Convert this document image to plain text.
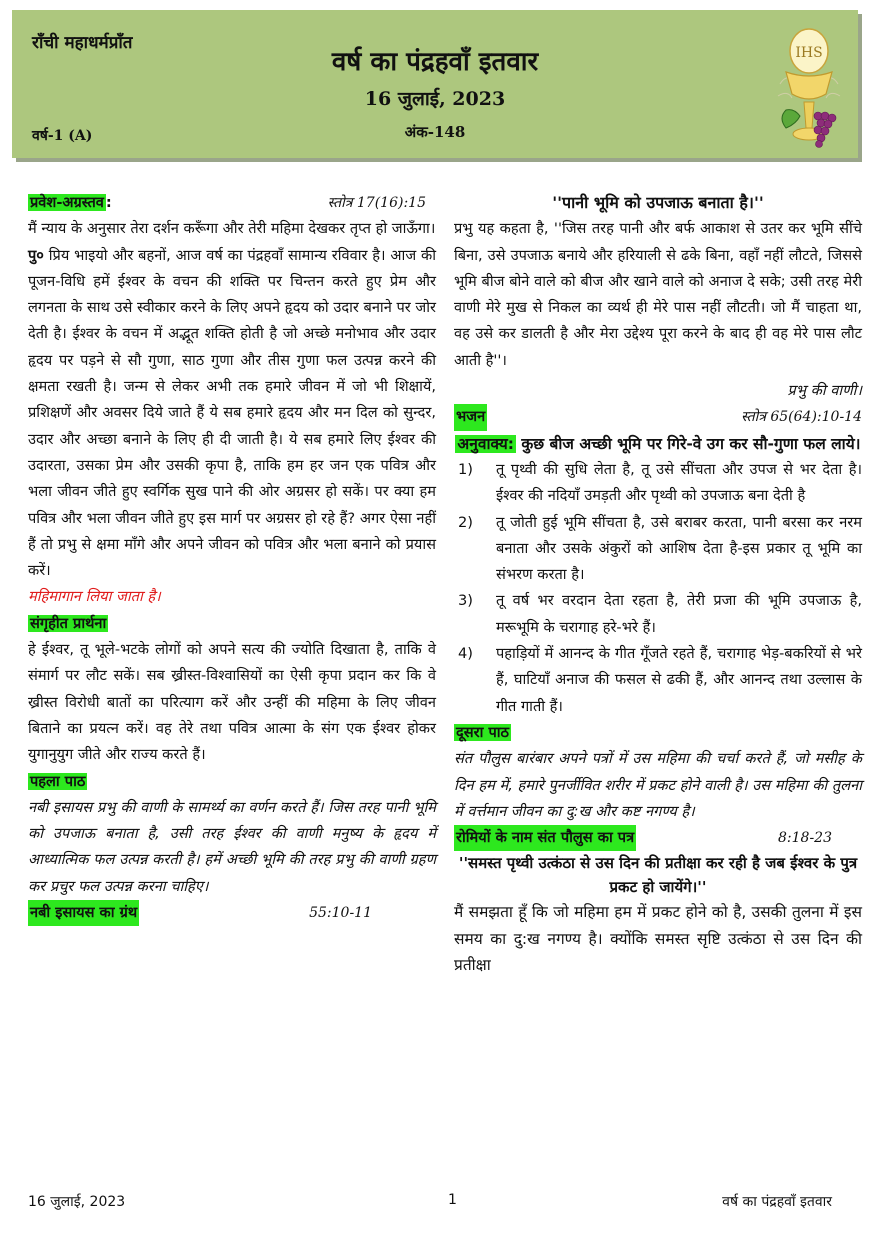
राँची महाधर्मप्राँत
वर्ष का पंद्रहवाँ इतवार
16 जुलाई, 2023
वर्ष-1 (A)	अंक-148
IHS
प्रवेश-अग्रस्तव :	स्तोत्र 17(16):15

मैं न्याय के अनुसार तेरा दर्शन करूँगा और तेरी महिमा देखकर तृप्त हो जाऊँगा।

पु० प्रिय भाइयो और बहनों, आज वर्ष का पंद्रहवाँ सामान्य रविवार है। आज की पूजन-विधि हमें ईश्वर के वचन की शक्ति पर चिन्तन करते हुए प्रेम और लगनता के साथ उसे स्वीकार करने के लिए अपने हृदय को उदार बनाने पर जोर देती है। ईश्वर के वचन में अद्भूत शक्ति होती है जो अच्छे मनोभाव और उदार हृदय पर पड़ने से सौ गुणा, साठ गुणा और तीस गुणा फल उत्पन्न करने की क्षमता रखती है। जन्म से लेकर अभी तक हमारे जीवन में जो भी शिक्षायें, प्रशिक्षणें और अवसर दिये जाते हैं ये सब हमारे हृदय और मन दिल को सुन्दर, उदार और अच्छा बनाने के लिए ही दी जाती है। ये सब हमारे लिए ईश्वर की उदारता, उसका प्रेम और उसकी कृपा है, ताकि हम हर जन एक पवित्र और भला जीवन जीते हुए स्वर्गिक सुख पाने की ओर अग्रसर हो सकें। पर क्या हम पवित्र और भला जीवन जीते हुए इस मार्ग पर अग्रसर हो रहे हैं? अगर ऐसा नहीं हैं तो प्रभु से क्षमा माँगे और अपने जीवन को पवित्र और भला बनाने को प्रयास करें।

महिमागान लिया जाता है।

संगृहीत प्रार्थना

हे ईश्वर, तू भूले-भटके लोगों को अपने सत्य की ज्योति दिखाता है, ताकि वे संमार्ग पर लौट सकें। सब ख्रीस्त-विश्वासियों का ऐसी कृपा प्रदान कर कि वे ख्रीस्त विरोधी बातों का परित्याग करें और उन्हीं की महिमा के लिए जीवन बिताने का प्रयत्न करें। वह तेरे तथा पवित्र आत्मा के संग एक ईश्वर होकर युगानुयुग जीते और राज्य करते हैं।

पहला पाठ

नबी इसायस प्रभु की वाणी के सामर्थ्य का वर्णन करते हैं। जिस तरह पानी भूमि को उपजाऊ बनाता है, उसी तरह ईश्वर की वाणी मनुष्य के हृदय में आध्यात्मिक फल उत्पन्न करती है। हमें अच्छी भूमि की तरह प्रभु की वाणी ग्रहण कर प्रचुर फल उत्पन्न करना चाहिए।

नबी इसायस का ग्रंथ	55:10-11

''पानी भूमि को उपजाऊ बनाता है।''

प्रभु यह कहता है, ''जिस तरह पानी और बर्फ आकाश से उतर कर भूमि सींचे बिना, उसे उपजाऊ बनाये और हरियाली से ढके बिना, वहाँ नहीं लौटते, जिससे भूमि बीज बोने वाले को बीज और खाने वाले को अनाज दे सके; उसी तरह मेरी वाणी मेरे मुख से निकल का व्यर्थ ही मेरे पास नहीं लौटती। जो मैं चाहता था, वह उसे कर डालती है और मेरा उद्देश्य पूरा करने के बाद ही वह मेरे पास लौट आती है''।

प्रभु की वाणी।

भजन	स्तोत्र 65(64):10-14

अनुवाक्य: कुछ बीज अच्छी भूमि पर गिरे-वे उग कर सौ-गुणा फल लाये।

1)	तू पृथ्वी की सुधि लेता है, तू उसे सींचता और उपज से भर देता है। ईश्वर की नदियाँ उमड़ती और पृथ्वी को उपजाऊ बना देती है
2)	तू जोती हुई भूमि सींचता है, उसे बराबर करता, पानी बरसा कर नरम बनाता और उसके अंकुरों को आशिष देता है-इस प्रकार तू भूमि का संभरण करता है।
3)	तू वर्ष भर वरदान देता रहता है, तेरी प्रजा की भूमि उपजाऊ है, मरूभूमि के चरागाह हरे-भरे हैं।
4)	पहाड़ियों में आनन्द के गीत गूँजते रहते हैं, चरागाह भेड़-बकरियों से भरे हैं, घाटियाँ अनाज की फसल से ढकी हैं, और आनन्द तथा उल्लास के गीत गाती हैं।
दूसरा पाठ

संत पौलुस बारंबार अपने पत्रों में उस महिमा की चर्चा करते हैं, जो मसीह के दिन हम में, हमारे पुनर्जीवित शरीर में प्रकट होने वाली है। उस महिमा की तुलना में वर्त्तमान जीवन का दु:ख और कष्ट नगण्य है।

रोमियों के नाम संत पौलुस का पत्र	8:18-23

''समस्त पृथ्वी उत्कंठा से उस दिन की प्रतीक्षा कर रही है जब ईश्वर के पुत्र प्रकट हो जायेंगे।''

मैं समझता हूँ कि जो महिमा हम में प्रकट होने को है, उसकी तुलना में इस समय का दु:ख नगण्य है। क्योंकि समस्त सृष्टि उत्कंठा से उस दिन की प्रतीक्षा

16 जुलाई, 2023	1	वर्ष का पंद्रहवाँ इतवार
